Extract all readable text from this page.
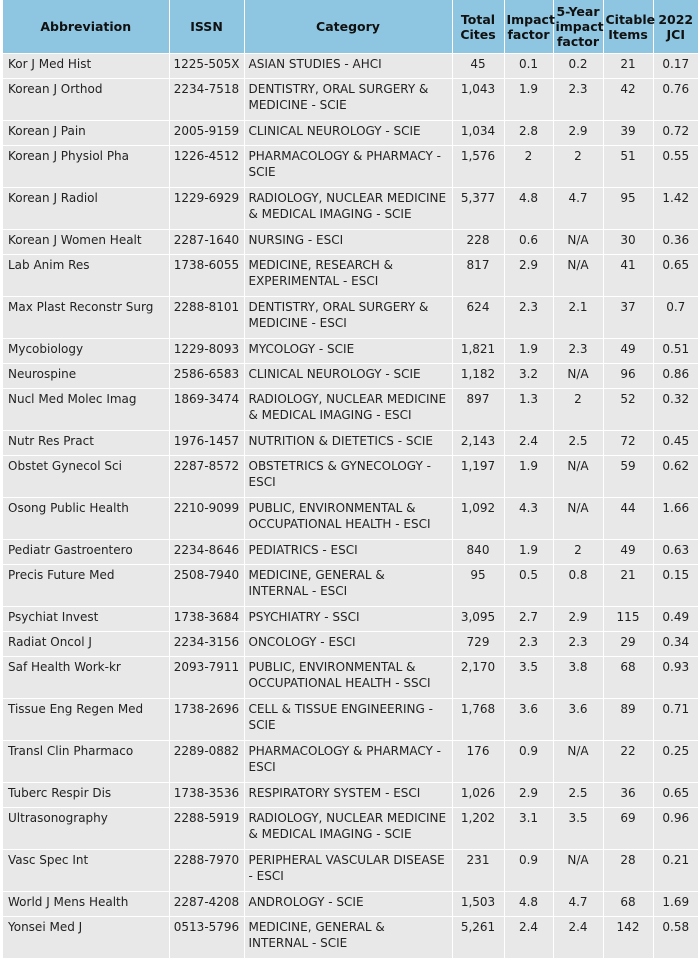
Abbreviation	ISSN	Category	Total Cites	Impact factor	5-Year impact factor	Citable Items	2022 JCI
Kor J Med Hist	1225-505X	ASIAN STUDIES - AHCI	45	0.1	0.2	21	0.17
Korean J Orthod	2234-7518	DENTISTRY, ORAL SURGERY & MEDICINE - SCIE	1,043	1.9	2.3	42	0.76
Korean J Pain	2005-9159	CLINICAL NEUROLOGY - SCIE	1,034	2.8	2.9	39	0.72
Korean J Physiol Pha	1226-4512	PHARMACOLOGY & PHARMACY - SCIE	1,576	2	2	51	0.55
Korean J Radiol	1229-6929	RADIOLOGY, NUCLEAR MEDICINE & MEDICAL IMAGING - SCIE	5,377	4.8	4.7	95	1.42
Korean J Women Healt	2287-1640	NURSING - ESCI	228	0.6	N/A	30	0.36
Lab Anim Res	1738-6055	MEDICINE, RESEARCH & EXPERIMENTAL - ESCI	817	2.9	N/A	41	0.65
Max Plast Reconstr Surg	2288-8101	DENTISTRY, ORAL SURGERY & MEDICINE - ESCI	624	2.3	2.1	37	0.7
Mycobiology	1229-8093	MYCOLOGY - SCIE	1,821	1.9	2.3	49	0.51
Neurospine	2586-6583	CLINICAL NEUROLOGY - SCIE	1,182	3.2	N/A	96	0.86
Nucl Med Molec Imag	1869-3474	RADIOLOGY, NUCLEAR MEDICINE & MEDICAL IMAGING - ESCI	897	1.3	2	52	0.32
Nutr Res Pract	1976-1457	NUTRITION & DIETETICS - SCIE	2,143	2.4	2.5	72	0.45
Obstet Gynecol Sci	2287-8572	OBSTETRICS & GYNECOLOGY - ESCI	1,197	1.9	N/A	59	0.62
Osong Public Health	2210-9099	PUBLIC, ENVIRONMENTAL & OCCUPATIONAL HEALTH - ESCI	1,092	4.3	N/A	44	1.66
Pediatr Gastroentero	2234-8646	PEDIATRICS - ESCI	840	1.9	2	49	0.63
Precis Future Med	2508-7940	MEDICINE, GENERAL & INTERNAL - ESCI	95	0.5	0.8	21	0.15
Psychiat Invest	1738-3684	PSYCHIATRY - SSCI	3,095	2.7	2.9	115	0.49
Radiat Oncol J	2234-3156	ONCOLOGY - ESCI	729	2.3	2.3	29	0.34
Saf Health Work-kr	2093-7911	PUBLIC, ENVIRONMENTAL & OCCUPATIONAL HEALTH - SSCI	2,170	3.5	3.8	68	0.93
Tissue Eng Regen Med	1738-2696	CELL & TISSUE ENGINEERING - SCIE	1,768	3.6	3.6	89	0.71
Transl Clin Pharmaco	2289-0882	PHARMACOLOGY & PHARMACY - ESCI	176	0.9	N/A	22	0.25
Tuberc Respir Dis	1738-3536	RESPIRATORY SYSTEM - ESCI	1,026	2.9	2.5	36	0.65
Ultrasonography	2288-5919	RADIOLOGY, NUCLEAR MEDICINE & MEDICAL IMAGING - SCIE	1,202	3.1	3.5	69	0.96
Vasc Spec Int	2288-7970	PERIPHERAL VASCULAR DISEASE - ESCI	231	0.9	N/A	28	0.21
World J Mens Health	2287-4208	ANDROLOGY - SCIE	1,503	4.8	4.7	68	1.69
Yonsei Med J	0513-5796	MEDICINE, GENERAL & INTERNAL - SCIE	5,261	2.4	2.4	142	0.58
